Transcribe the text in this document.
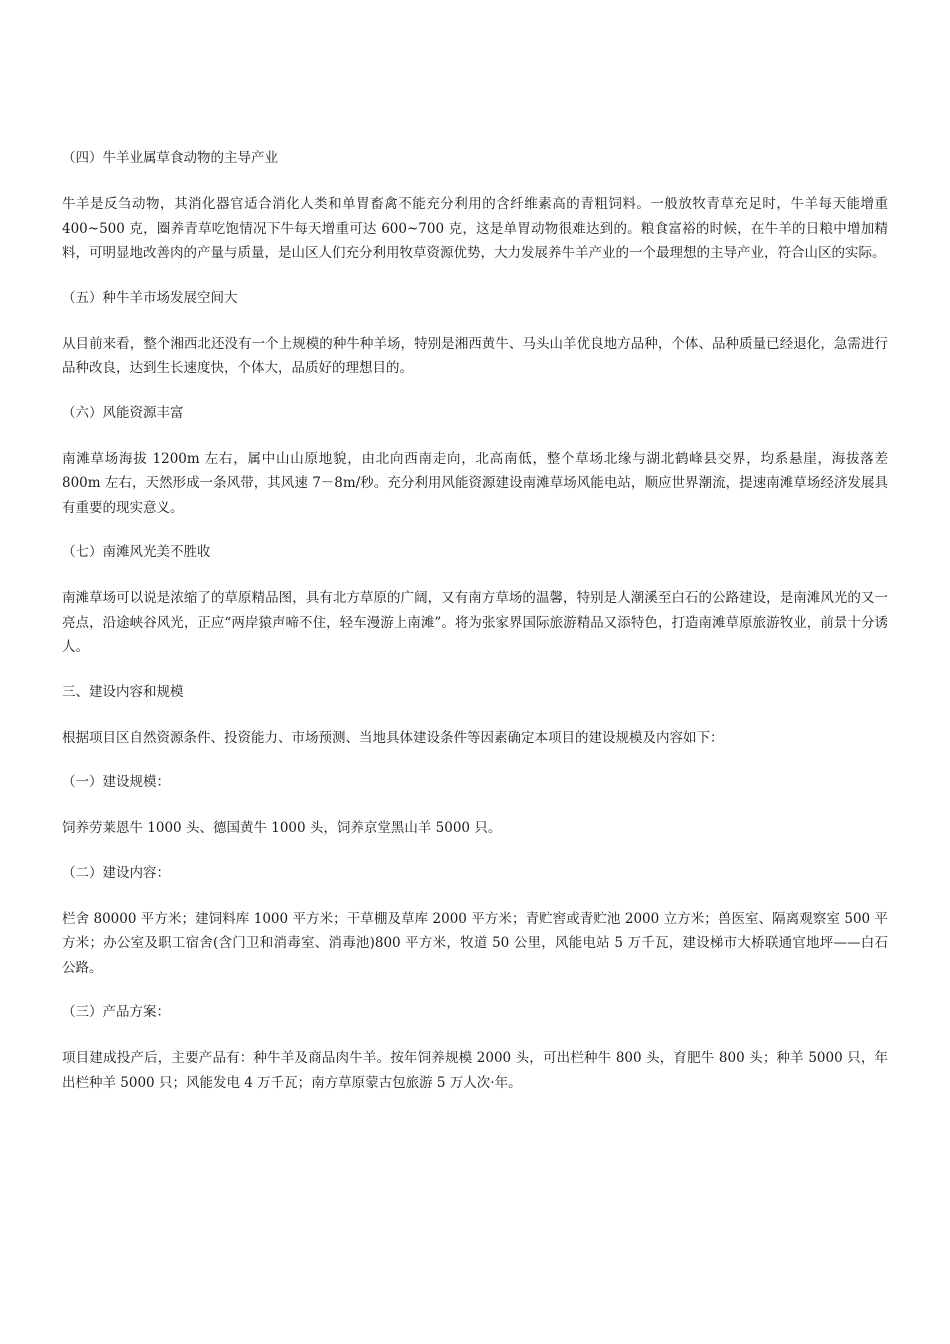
（四）牛羊业属草食动物的主导产业
牛羊是反刍动物，其消化器官适合消化人类和单胃畜禽不能充分利用的含纤维素高的青粗饲料。一般放牧青草充足时，牛羊每天能增重 400~500 克，圈养青草吃饱情况下牛每天增重可达 600~700 克，这是单胃动物很难达到的。粮食富裕的时候，在牛羊的日粮中增加精料，可明显地改善肉的产量与质量，是山区人们充分利用牧草资源优势，大力发展养牛羊产业的一个最理想的主导产业，符合山区的实际。
（五）种牛羊市场发展空间大
从目前来看，整个湘西北还没有一个上规模的种牛种羊场，特别是湘西黄牛、马头山羊优良地方品种，个体、品种质量已经退化，急需进行品种改良，达到生长速度快，个体大，品质好的理想目的。
（六）风能资源丰富
南滩草场海拔 1200m 左右，属中山山原地貌，由北向西南走向，北高南低，整个草场北缘与湖北鹤峰县交界，均系悬崖，海拔落差 800m 左右，天然形成一条风带，其风速 7－8m/秒。充分利用风能资源建设南滩草场风能电站，顺应世界潮流，提速南滩草场经济发展具有重要的现实意义。
（七）南滩风光美不胜收
南滩草场可以说是浓缩了的草原精品图，具有北方草原的广阔，又有南方草场的温馨，特别是人潮溪至白石的公路建设，是南滩风光的又一亮点，沿途峡谷风光，正应“两岸猿声啼不住，轻车漫游上南滩”。将为张家界国际旅游精品又添特色，打造南滩草原旅游牧业，前景十分诱人。
三、建设内容和规模
根据项目区自然资源条件、投资能力、市场预测、当地具体建设条件等因素确定本项目的建设规模及内容如下：
（一）建设规模：
饲养劳莱恩牛 1000 头、德国黄牛 1000 头，饲养京堂黑山羊 5000 只。
（二）建设内容：
栏舍 80000 平方米；建饲料库 1000 平方米；干草棚及草库 2000 平方米；青贮窖或青贮池 2000 立方米；兽医室、隔离观察室 500 平方米；办公室及职工宿舍(含门卫和消毒室、消毒池)800 平方米，牧道 50 公里，风能电站 5 万千瓦，建设梯市大桥联通官地坪——白石公路。
（三）产品方案：
项目建成投产后，主要产品有：种牛羊及商品肉牛羊。按年饲养规模 2000 头，可出栏种牛 800 头，育肥牛 800 头；种羊 5000 只，年出栏种羊 5000 只；风能发电 4 万千瓦；南方草原蒙古包旅游 5 万人次·年。
